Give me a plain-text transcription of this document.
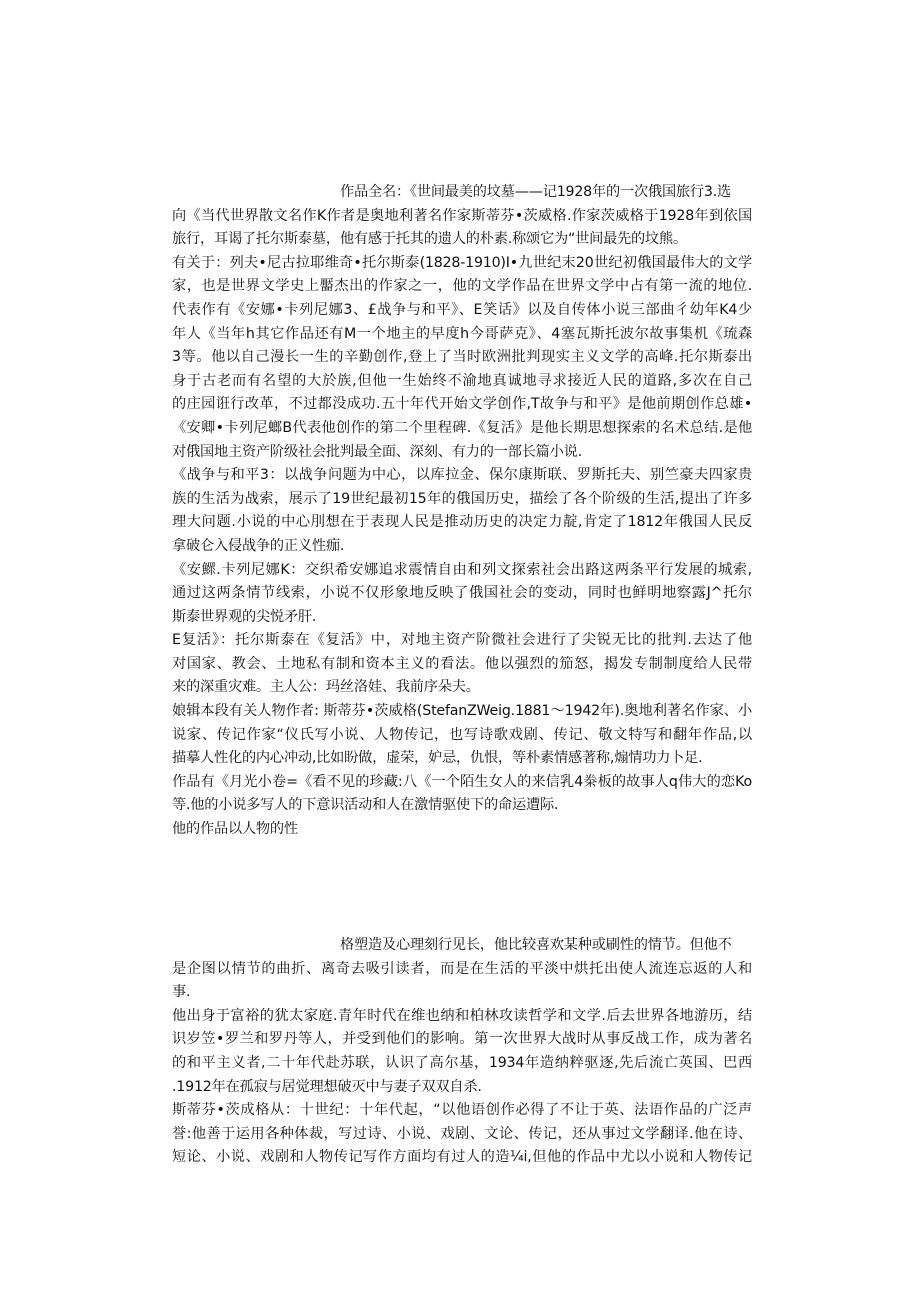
作品全名：《世间最美的坟墓——记1928年的一次俄国旅行3.选
向《当代世界散文名作K作者是奥地利著名作家斯蒂芬•茨威格.作家茨威格于1928年到依国
旅行，耳谒了托尔斯泰墓，他有感于托其的遗人的朴素.称颂它为“世间最先的坟熊。
有关于：列夫•尼古拉耶维奇•托尔斯泰(1828-1910)I•九世纪末20世纪初俄国最伟大的文学
家，也是世界文学史上靨杰出的作家之一，他的文学作品在世界文学中占有第一流的地位.
代表作有《安娜•卡列尼娜3、£战争与和平》、E笑话》以及自传体小说三部曲彳幼年K4少
年人《当年h其它作品还有M一个地主的早度h今哥萨克》、4塞瓦斯托波尔故事集机《琉森
3等。他以自己漫长一生的辛勤创作,登上了当时欧洲批判现实主义文学的高峰.托尔斯泰出
身于古老而有名望的大於族,但他一生始终不渝地真诚地寻求接近人民的道路,多次在自己
的庄园诳行改革，不过都没成功.五十年代开始文学创作,T故争与和平》是他前期创作总雄•
《安卿•卡列尼螂B代表他创作的第二个里程碑.《复活》是他长期思想探索的名术总结.是他
对俄国地主资产阶级社会批判最全面、深刻、有力的一部长篇小说.
《战争与和平3：以战争问题为中心，以库拉金、保尔康斯联、罗斯托夫、别竺豪夫四家贵
族的生活为战索，展示了19世纪最初15年的俄国历史，描绘了各个阶级的生活,提出了许多
理大问题.小说的中心刖想在于表现人民是推动历史的决定力靛,肯定了1812年俄国人民反
拿破仑入侵战争的正义性痂.
《安鰥.卡列尼娜K：交织希安娜追求震情自由和列文探索社会出路这两条平行发展的城索,
通过这两条情节线索，小说不仅形象地反映了俄国社会的变动，同时也鲜明地察露J^托尔
斯泰世界观的尖悦矛肝.
E复活》：托尔斯泰在《复活》中，对地主资产阶微社会进行了尖锐无比的批判.去达了他
对国家、教会、土地私有制和资本主义的看法。他以强烈的笳怒，揭发专制制度给人民带
来的深重灾难。主人公：玛丝洛娃、我前序朵夫。
娘辑本段有关人物作者: 斯蒂芬•茨威格(StefanZWeig.1881～1942年).奥地利著名作家、小
说家、传记作家“仪氏写小说、人物传记，也写诗歌戏剧、传记、敬文特写和翻年作品,以
描摹人性化的内心冲动,比如盼做，虚荣，妒忌，仇恨，等朴素情感著称,煽情功力卜足.
作品有《月光小卷=《看不见的珍藏:八《一个陌生女人的来信乳4桊板的故事人q伟大的恋Ko
等.他的小说多写人的下意识活动和人在激情驱使下的命运遭际.
他的作品以人物的性
格塑造及心理刻行见长，他比较喜欢某种或刷性的情节。但他不
是企图以情节的曲折、离奇去吸引读者，而是在生活的平淡中烘托出使人流连忘返的人和
事.
他出身于富裕的犹太家庭.青年时代在维也纳和柏林攻读哲学和文学.后去世界各地游历，结
识岁笠•罗兰和罗丹等人，并受到他们的影响。第一次世界大战时从事反战工作，成为著名
的和平主义者,二十年代赴苏联，认识了高尔基，1934年造纳粹驱逐,先后流亡英国、巴西
.1912年在孤寂与居觉理想破灭中与妻子双双自杀.
斯蒂芬•茨成格从：十世纪：十年代起，“以他语创作必得了不让于英、法语作品的广泛声
誉:他善于运用各种体裁，写过诗、小说、戏剧、文论、传记，还从事过文学翻译.他在诗、
短论、小说、戏剧和人物传记写作方面均有过人的造¼i,但他的作品中尤以小说和人物传记
